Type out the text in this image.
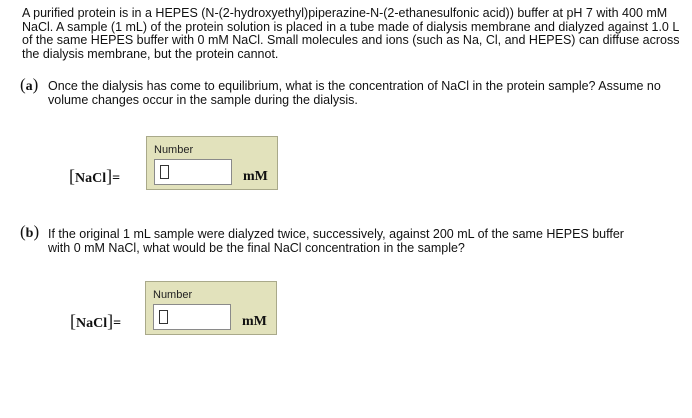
A purified protein is in a HEPES (N-(2-hydroxyethyl)piperazine-N-(2-ethanesulfonic acid)) buffer at pH 7 with 400 mM NaCl. A sample (1 mL) of the protein solution is placed in a tube made of dialysis membrane and dialyzed against 1.0 L of the same HEPES buffer with 0 mM NaCl. Small molecules and ions (such as Na, Cl, and HEPES) can diffuse across the dialysis membrane, but the protein cannot.

(a) Once the dialysis has come to equilibrium, what is the concentration of NaCl in the protein sample? Assume no volume changes occur in the sample during the dialysis.

[NaCl]=
Number
mM
(b) If the original 1 mL sample were dialyzed twice, successively, against 200 mL of the same HEPES buffer with 0 mM NaCl, what would be the final NaCl concentration in the sample?

[NaCl]=
Number
mM
